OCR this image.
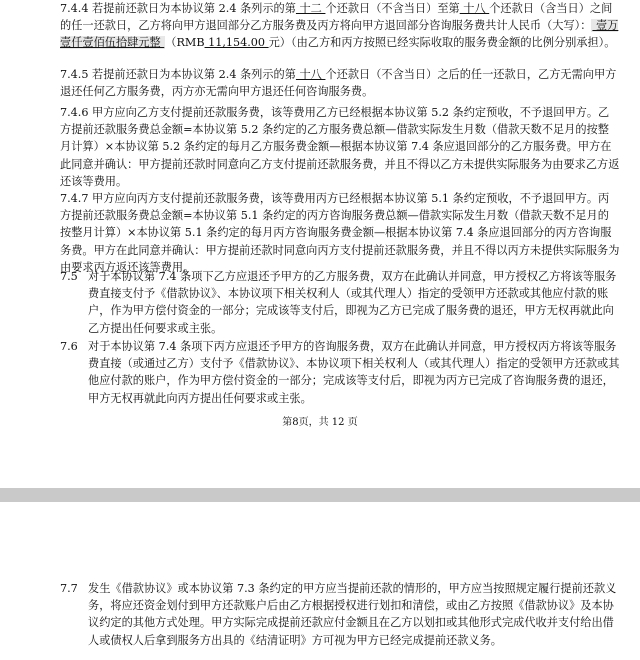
7.4.4 若提前还款日为本协议第 2.4 条列示的第 十二 个还款日（不含当日）至第 十八 个还款日（含当日）之间的任一还款日，乙方将向甲方退回部分乙方服务费及丙方将向甲方退回部分咨询服务费共计人民币（大写）： 壹万壹仟壹佰伍拾肆元整 （RMB 11,154.00 元）（由乙方和丙方按照已经实际收取的服务费金额的比例分别承担）。

7.4.5 若提前还款日为本协议第 2.4 条列示的第 十八 个还款日（不含当日）之后的任一还款日，乙方无需向甲方退还任何乙方服务费，丙方亦无需向甲方退还任何咨询服务费。

7.4.6 甲方应向乙方支付提前还款服务费，该等费用乙方已经根据本协议第 5.2 条约定预收，不予退回甲方。乙方提前还款服务费总金额=本协议第 5.2 条约定的乙方服务费总额—借款实际发生月数（借款天数不足月的按整月计算）×本协议第 5.2 条约定的每月乙方服务费金额—根据本协议第 7.4 条应退回部分的乙方服务费。甲方在此同意并确认：甲方提前还款时同意向乙方支付提前还款服务费，并且不得以乙方未提供实际服务为由要求乙方返还该等费用。

7.4.7 甲方应向丙方支付提前还款服务费，该等费用丙方已经根据本协议第 5.1 条约定预收，不予退回甲方。丙方提前还款服务费总金额=本协议第 5.1 条约定的丙方咨询服务费总额—借款实际发生月数（借款天数不足月的按整月计算）×本协议第 5.1 条约定的每月丙方咨询服务费金额—根据本协议第 7.4 条应退回部分的丙方咨询服务费。甲方在此同意并确认：甲方提前还款时同意向丙方支付提前还款服务费，并且不得以丙方未提供实际服务为由要求丙方返还该等费用。

7.5 对于本协议第 7.4 条项下乙方应退还予甲方的乙方服务费，双方在此确认并同意，甲方授权乙方将该等服务费直接支付予《借款协议》、本协议项下相关权利人（或其代理人）指定的受领甲方还款或其他应付款的账户，作为甲方偿付资金的一部分；完成该等支付后，即视为乙方已完成了服务费的退还，甲方无权再就此向乙方提出任何要求或主张。
7.6 对于本协议第 7.4 条项下丙方应退还予甲方的咨询服务费，双方在此确认并同意，甲方授权丙方将该等服务费直接（或通过乙方）支付予《借款协议》、本协议项下相关权利人（或其代理人）指定的受领甲方还款或其他应付款的账户，作为甲方偿付资金的一部分；完成该等支付后，即视为丙方已完成了咨询服务费的退还，甲方无权再就此向丙方提出任何要求或主张。
第8页，共 12 页
7.7 发生《借款协议》或本协议第 7.3 条约定的甲方应当提前还款的情形的，甲方应当按照规定履行提前还款义务，将应还资金划付到甲方还款账户后由乙方根据授权进行划扣和清偿，或由乙方按照《借款协议》及本协议约定的其他方式处理。甲方实际完成提前还款应付金额且在乙方以划扣或其他形式完成代收并支付给出借人或债权人后拿到服务方出具的《结清证明》方可视为甲方已经完成提前还款义务。
